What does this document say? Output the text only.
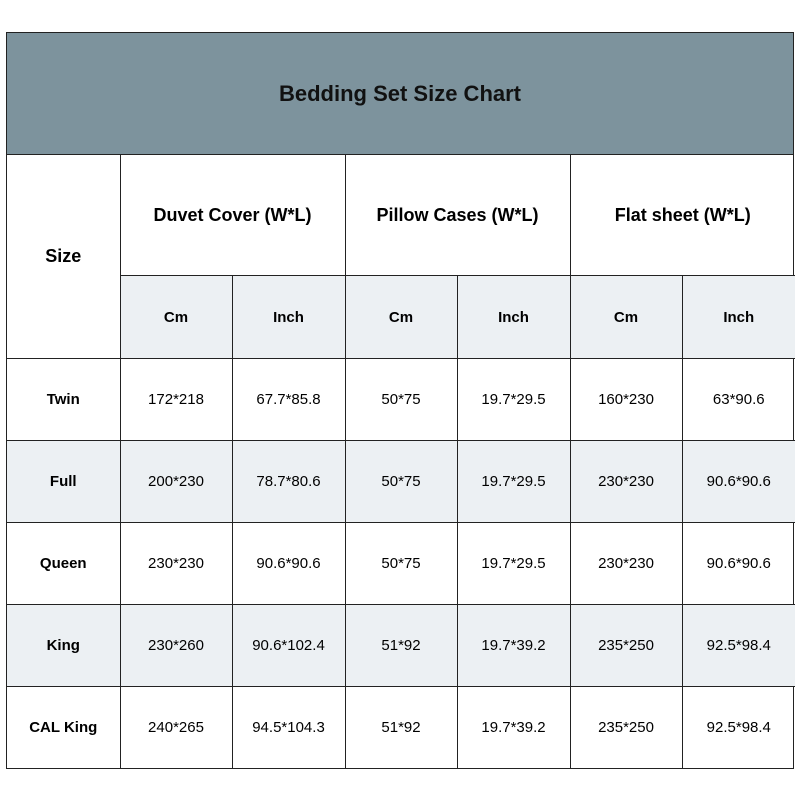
Bedding Set Size Chart
Size	Duvet Cover (W*L)		Pillow Cases (W*L)		Flat sheet (W*L)	
	Cm	Inch	Cm	Inch	Cm	Inch
Twin	172*218	67.7*85.8	50*75	19.7*29.5	160*230	63*90.6
Full	200*230	78.7*80.6	50*75	19.7*29.5	230*230	90.6*90.6
Queen	230*230	90.6*90.6	50*75	19.7*29.5	230*230	90.6*90.6
King	230*260	90.6*102.4	51*92	19.7*39.2	235*250	92.5*98.4
CAL King	240*265	94.5*104.3	51*92	19.7*39.2	235*250	92.5*98.4
